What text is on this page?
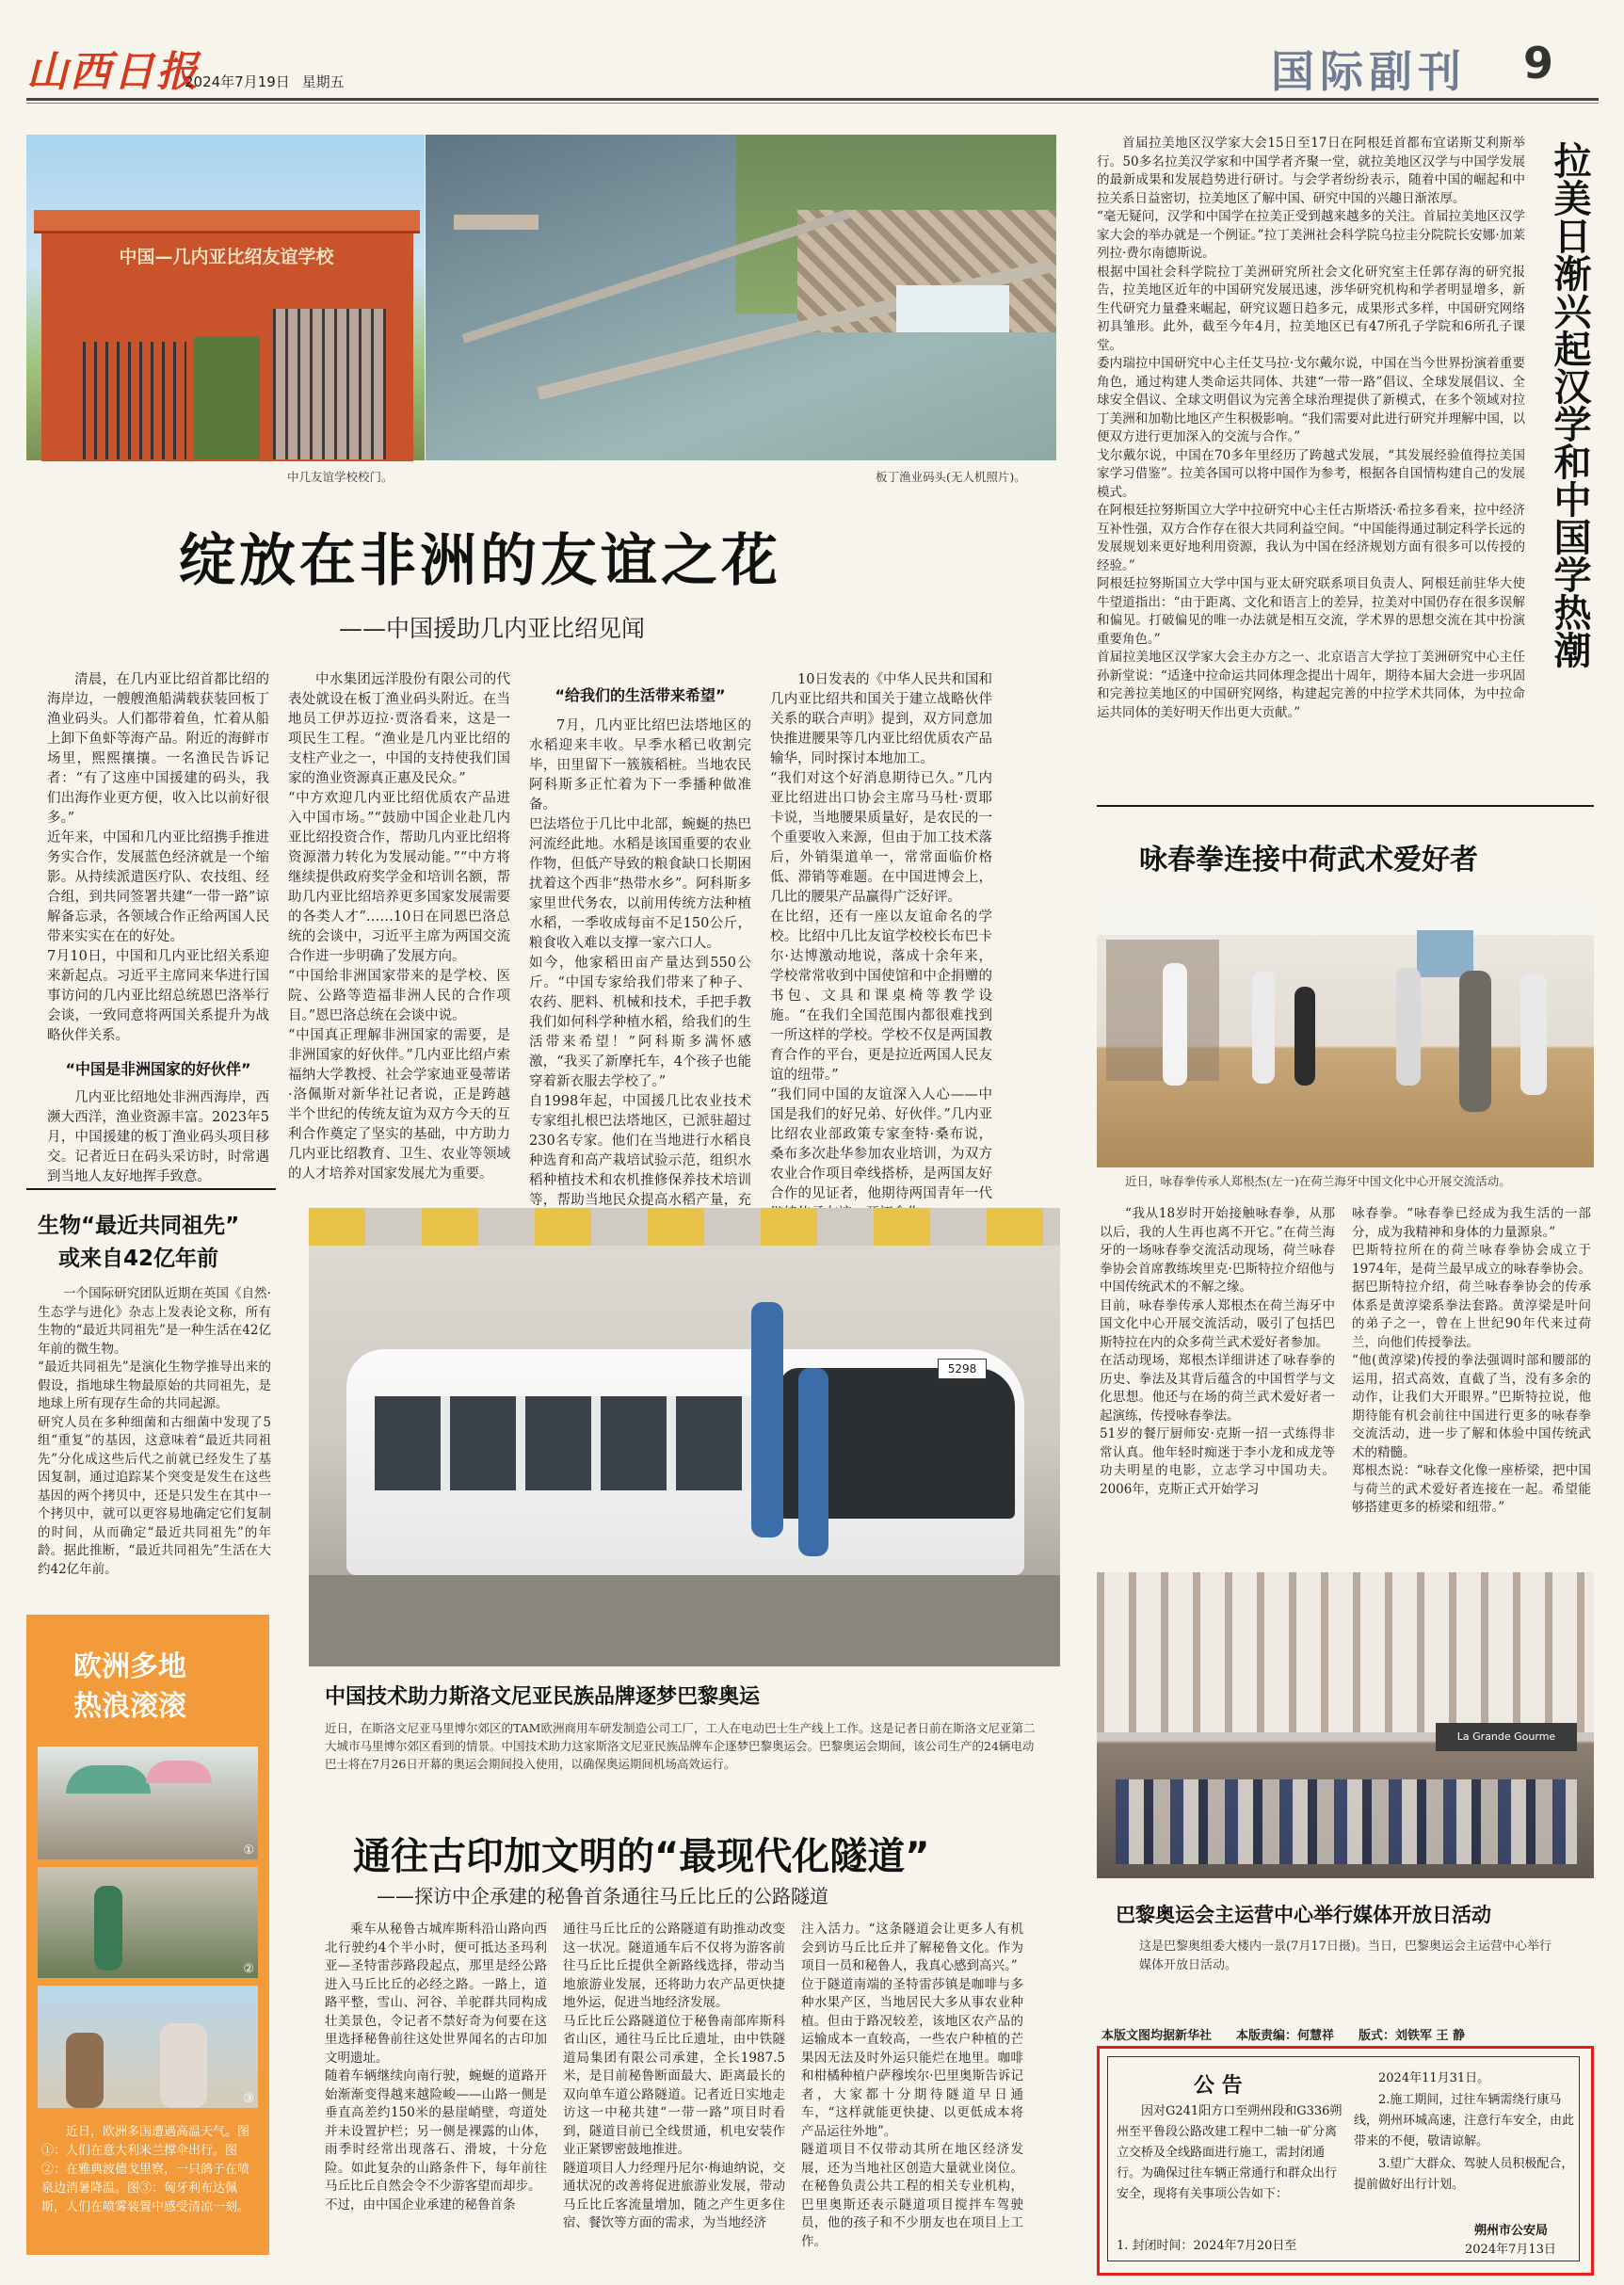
山西日报
2024年7月19日 星期五	国际副刊 9
中国—几内亚比绍友谊学校
中几友谊学校校门。	板丁渔业码头(无人机照片)。
绽放在非洲的友谊之花
——中国援助几内亚比绍见闻
清晨，在几内亚比绍首都比绍的海岸边，一艘艘渔船满载获装回板丁渔业码头。人们都带着鱼，忙着从船上卸下鱼虾等海产品。附近的海鲜市场里，熙熙攘攘。一名渔民告诉记者：“有了这座中国援建的码头，我们出海作业更方便，收入比以前好很多。”
近年来，中国和几内亚比绍携手推进务实合作，发展蓝色经济就是一个缩影。从持续派遣医疗队、农技组、经合组，到共同签署共建“一带一路”谅解备忘录，各领域合作正给两国人民带来实实在在的好处。
7月10日，中国和几内亚比绍关系迎来新起点。习近平主席同来华进行国事访问的几内亚比绍总统恩巴洛举行会谈，一致同意将两国关系提升为战略伙伴关系。
“中国是非洲国家的好伙伴”
几内亚比绍地处非洲西海岸，西濒大西洋，渔业资源丰富。2023年5月，中国援建的板丁渔业码头项目移交。记者近日在码头采访时，时常遇到当地人友好地挥手致意。
中水集团远洋股份有限公司的代表处就设在板丁渔业码头附近。在当地员工伊苏迈拉·贾洛看来，这是一项民生工程。“渔业是几内亚比绍的支柱产业之一，中国的支持使我们国家的渔业资源真正惠及民众。”
“中方欢迎几内亚比绍优质农产品进入中国市场。”“鼓励中国企业赴几内亚比绍投资合作，帮助几内亚比绍将资源潜力转化为发展动能。”“中方将继续提供政府奖学金和培训名额，帮助几内亚比绍培养更多国家发展需要的各类人才”……10日在同恩巴洛总统的会谈中，习近平主席为两国交流合作进一步明确了发展方向。
“中国给非洲国家带来的是学校、医院、公路等造福非洲人民的合作项目。”恩巴洛总统在会谈中说。
“中国真正理解非洲国家的需要，是非洲国家的好伙伴。”几内亚比绍卢索福纳大学教授、社会学家迪亚曼蒂诺·洛佩斯对新华社记者说，正是跨越半个世纪的传统友谊为双方今天的互利合作奠定了坚实的基础，中方助力几内亚比绍教育、卫生、农业等领域的人才培养对国家发展尤为重要。
“给我们的生活带来希望”
7月，几内亚比绍巴法塔地区的水稻迎来丰收。早季水稻已收割完毕，田里留下一簇簇稻桩。当地农民阿科斯多正忙着为下一季播种做准备。
巴法塔位于几比中北部，蜿蜒的热巴河流经此地。水稻是该国重要的农业作物，但低产导致的粮食缺口长期困扰着这个西非“热带水乡”。阿科斯多家里世代务农，以前用传统方法种植水稻，一季收成每亩不足150公斤，粮食收入难以支撑一家六口人。
如今，他家稻田亩产量达到550公斤。“中国专家给我们带来了种子、农药、肥料、机械和技术，手把手教我们如何科学种植水稻，给我们的生活带来希望！”阿科斯多满怀感激，“我买了新摩托车，4个孩子也能穿着新衣服去学校了。”
自1998年起，中国援几比农业技术专家组扎根巴法塔地区，已派驻超过230名专家。他们在当地进行水稻良种选育和高产栽培试验示范，组织水稻种植技术和农机推修保养技术培训等，帮助当地民众提高水稻产量，充
10日发表的《中华人民共和国和几内亚比绍共和国关于建立战略伙伴关系的联合声明》提到，双方同意加快推进腰果等几内亚比绍优质农产品输华，同时探讨本地加工。
“我们对这个好消息期待已久。”几内亚比绍进出口协会主席马马杜·贾耶卡说，当地腰果质量好，是农民的一个重要收入来源，但由于加工技术落后，外销渠道单一，常常面临价格低、滞销等难题。在中国进博会上，几比的腰果产品赢得广泛好评。
在比绍，还有一座以友谊命名的学校。比绍中几比友谊学校校长布巴卡尔·达博激动地说，落成十余年来，学校常常收到中国使馆和中企捐赠的书包、文具和课桌椅等教学设施。“在我们全国范围内都很难找到一所这样的学校。学校不仅是两国教育合作的平台，更是拉近两国人民友谊的纽带。”
“我们同中国的友谊深入人心——中国是我们的好兄弟、好伙伴。”几内亚比绍农业部政策专家奎特·桑布说，桑布多次赴华参加农业培训，为双方农业合作项目牵线搭桥，是两国友好合作的见证者，他期待两国青年一代
首届拉美地区汉学家大会15日至17日在阿根廷首都布宜诺斯艾利斯举行。50多名拉美汉学家和中国学者齐聚一堂，就拉美地区汉学与中国学发展的最新成果和发展趋势进行研讨。与会学者纷纷表示，随着中国的崛起和中拉关系日益密切，拉美地区了解中国、研究中国的兴趣日渐浓厚。
“毫无疑问，汉学和中国学在拉美正受到越来越多的关注。首届拉美地区汉学家大会的举办就是一个例证。”拉丁美洲社会科学院乌拉圭分院院长安娜·加莱列拉·费尔南德斯说。
根据中国社会科学院拉丁美洲研究所社会文化研究室主任郭存海的研究报告，拉美地区近年的中国研究发展迅速，涉华研究机构和学者明显增多，新生代研究力量叠来崛起，研究议题日趋多元，成果形式多样，中国研究网络初具雏形。此外，截至今年4月，拉美地区已有47所孔子学院和6所孔子课堂。
委内瑞拉中国研究中心主任艾马拉·戈尔戴尔说，中国在当今世界扮演着重要角色，通过构建人类命运共同体、共建“一带一路”倡议、全球发展倡议、全球安全倡议、全球文明倡议为完善全球治理提供了新模式，在多个领域对拉丁美洲和加勒比地区产生积极影响。“我们需要对此进行研究并理解中国，以便双方进行更加深入的交流与合作。”
戈尔戴尔说，中国在70多年里经历了跨越式发展，“其发展经验值得拉美国家学习借鉴”。拉美各国可以将中国作为参考，根据各自国情构建自己的发展模式。
在阿根廷拉努斯国立大学中拉研究中心主任古斯塔沃·希拉多看来，拉中经济互补性强，双方合作存在很大共同利益空间。“中国能得通过制定科学长远的发展规划来更好地利用资源，我认为中国在经济规划方面有很多可以传授的经验。”
阿根廷拉努斯国立大学中国与亚太研究联系项目负责人、阿根廷前驻华大使牛望道指出：“由于距离、文化和语言上的差异，拉美对中国仍存在很多误解和偏见。打破偏见的唯一办法就是相互交流，学术界的思想交流在其中扮演重要角色。”
首届拉美地区汉学家大会主办方之一、北京语言大学拉丁美洲研究中心主任孙新堂说：“适逢中拉命运共同体理念提出十周年，期待本届大会进一步巩固和完善拉美地区的中国研究网络，构建起完善的中拉学术共同体，为中拉命运共同体的美好明天作出更大贡献。”
拉美日渐兴起汉学和中国学热潮
咏春拳连接中荷武术爱好者
近日，咏春拳传承人郑根杰(左一)在荷兰海牙中国文化中心开展交流活动。
“我从18岁时开始接触咏春拳，从那以后，我的人生再也离不开它。”在荷兰海牙的一场咏春拳交流活动现场，荷兰咏春拳协会首席教练埃里克·巴斯特拉介绍他与中国传统武术的不解之缘。
目前，咏春拳传承人郑根杰在荷兰海牙中国文化中心开展交流活动，吸引了包括巴斯特拉在内的众多荷兰武术爱好者参加。
在活动现场，郑根杰详细讲述了咏春拳的历史、拳法及其背后蕴含的中国哲学与文化思想。他还与在场的荷兰武术爱好者一起演练，传授咏春拳法。
51岁的餐厅厨师安·克斯一招一式练得非常认真。他年轻时痴迷于李小龙和成龙等功夫明星的电影，立志学习中国功夫。2006年，克斯正式开始学习
咏春拳。“咏春拳已经成为我生活的一部分，成为我精神和身体的力量源泉。”
巴斯特拉所在的荷兰咏春拳协会成立于1974年，是荷兰最早成立的咏春拳协会。据巴斯特拉介绍，荷兰咏春拳协会的传承体系是黄淳梁系拳法套路。黄淳梁是叶问的弟子之一，曾在上世纪90年代来过荷兰，向他们传授拳法。
“他(黄淳梁)传授的拳法强调时部和腰部的运用，招式高效，直截了当，没有多余的动作，让我们大开眼界。”巴斯特拉说，他期待能有机会前往中国进行更多的咏春拳交流活动，进一步了解和体验中国传统武术的精髓。
郑根杰说：“咏春文化像一座桥梁，把中国与荷兰的武术爱好者连接在一起。希望能够搭建更多的桥梁和纽带。”
La Grande Gourme
巴黎奥运会主运营中心举行媒体开放日活动
这是巴黎奥组委大楼内一景(7月17日摄)。当日，巴黎奥运会主运营中心举行媒体开放日活动。
生物“最近共同祖先”
或来自42亿年前
一个国际研究团队近期在英国《自然·生态学与进化》杂志上发表论文称，所有生物的“最近共同祖先”是一种生活在42亿年前的微生物。
“最近共同祖先”是演化生物学推导出来的假设，指地球生物最原始的共同祖先，是地球上所有现存生命的共同起源。
研究人员在多种细菌和古细菌中发现了5组“重复”的基因，这意味着“最近共同祖先”分化成这些后代之前就已经发生了基因复制，通过追踪某个突变是发生在这些基因的两个拷贝中，还是只发生在其中一个拷贝中，就可以更容易地确定它们复制的时间，从而确定“最近共同祖先”的年龄。据此推断，“最近共同祖先”生活在大约42亿年前。
欧洲多地
热浪滚滚
①
②
③
近日，欧洲多国遭遇高温天气。图①：人们在意大利米兰撑伞出行。图②：在雅典波德戈里察，一只鸽子在喷泉边消暑降温。图③：匈牙利布达佩斯，人们在喷雾装置中感受清凉一刻。
5298
中国技术助力斯洛文尼亚民族品牌逐梦巴黎奥运
近日，在斯洛文尼亚马里博尔郊区的TAM欧洲商用车研发制造公司工厂，工人在电动巴士生产线上工作。这是记者日前在斯洛文尼亚第二大城市马里博尔郊区看到的情景。中国技术助力这家斯洛文尼亚民族品牌车企逐梦巴黎奥运会。巴黎奥运会期间，该公司生产的24辆电动巴士将在7月26日开幕的奥运会期间投入使用，以确保奥运期间机场高效运行。
通往古印加文明的“最现代化隧道”
——探访中企承建的秘鲁首条通往马丘比丘的公路隧道
乘车从秘鲁古城库斯科沿山路向西北行驶约4个半小时，便可抵达圣玛利亚—圣特雷莎路段起点，那里是经公路进入马丘比丘的必经之路。一路上，道路平整，雪山、河谷、羊驼群共同构成壮美景色，令记者不禁好奇为何要在这里选择秘鲁前往这处世界闻名的古印加文明遗址。
随着车辆继续向南行驶，蜿蜒的道路开始渐渐变得越来越险峻——山路一侧是垂直高差约150米的悬崖峭壁，弯道处并未设置护栏；另一侧是裸露的山体，雨季时经常出现落石、滑坡，十分危险。如此复杂的山路条件下，每年前往马丘比丘自然会令不少游客望而却步。
不过，由中国企业承建的秘鲁首条
通往马丘比丘的公路隧道有助推动改变这一状况。隧道通车后不仅将为游客前往马丘比丘提供全新路线选择，带动当地旅游业发展，还将助力农产品更快捷地外运，促进当地经济发展。
马丘比丘公路隧道位于秘鲁南部库斯科省山区，通往马丘比丘遗址，由中铁隧道局集团有限公司承建，全长1987.5米，是目前秘鲁断面最大、距离最长的双向单车道公路隧道。记者近日实地走访这一中秘共建“一带一路”项目时看到，隧道目前已全线贯通，机电安装作业正紧锣密鼓地推进。
隧道项目人力经理丹尼尔·梅迪纳说，交通状况的改善将促进旅游业发展，带动马丘比丘客流量增加，随之产生更多住宿、餐饮等方面的需求，为当地经济
注入活力。“这条隧道会让更多人有机会到访马丘比丘并了解秘鲁文化。作为项目一员和秘鲁人，我真心感到高兴。”
位于隧道南端的圣特雷莎镇是咖啡与多种水果产区，当地居民大多从事农业种植。但由于路况较差，该地区农产品的运输成本一直较高，一些农户种植的芒果因无法及时外运只能烂在地里。咖啡和柑橘种植户萨穆埃尔·巴里奥斯告诉记者，大家都十分期待隧道早日通车，“这样就能更快捷、以更低成本将产品运往外地”。
隧道项目不仅带动其所在地区经济发展，还为当地社区创造大量就业岗位。在秘鲁负责公共工程的相关专业机构，巴里奥斯还表示隧道项目搅拌车驾驶员，他的孩子和不少朋友也在项目上工作。
本版文图均据新华社　　本版责编：何慧祥　　版式：刘铁军 王 静
公 告
因对G241阳方口至朔州段和G336朔州至平鲁段公路改建工程中二轴一矿分离立交桥及全线路面进行施工，需封闭通行。为确保过往车辆正常通行和群众出行安全，现将有关事项公告如下：
1. 封闭时间：2024年7月20日至
2024年11月31日。
2.施工期间，过往车辆需绕行康马线，朔州环城高速，注意行车安全，由此带来的不便，敬请谅解。
3.望广大群众、驾驶人员积极配合，提前做好出行计划。
朔州市公安局
2024年7月13日
